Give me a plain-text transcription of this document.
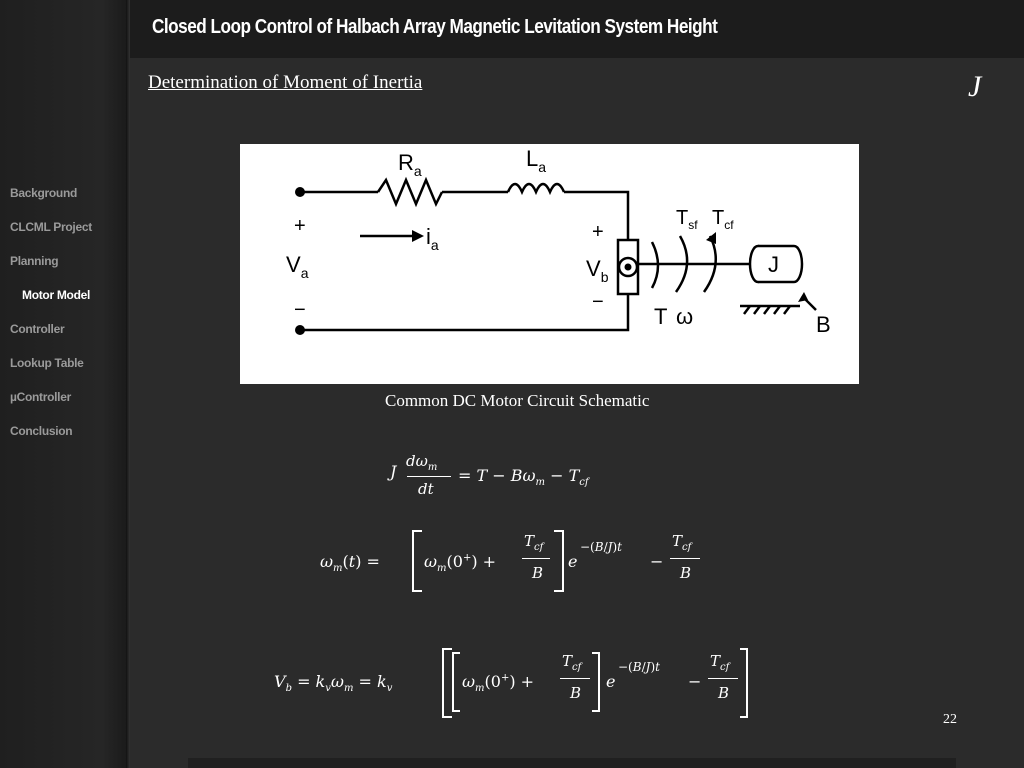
Closed Loop Control of Halbach Array Magnetic Levitation System Height
Determination of Moment of Inertia	J
Background
CLCML Project
Planning
Motor Model
Controller
Lookup Table
µController
Conclusion
$R_a$	$L_a$
$i_a$
$V_a$	$V_b$
+
−
+
−
$T_{sf}$ $T_{cf}$
T ω
J
B
Common DC Motor Circuit Schematic
J
$d\omega_m$
dt
= $T - B\omega_m - T_{cf}$
$\omega_m(t)$ =	$\omega_m(0^+)$ +
$T_{cf}$
B
e
−(B/J)t
−
$T_{cf}$
B
$V_b = k_v\omega_m = k_v$	$\omega_m(0^+)$ +
$T_{cf}$
B
e
−(B/J)t
−
$T_{cf}$
B
22
